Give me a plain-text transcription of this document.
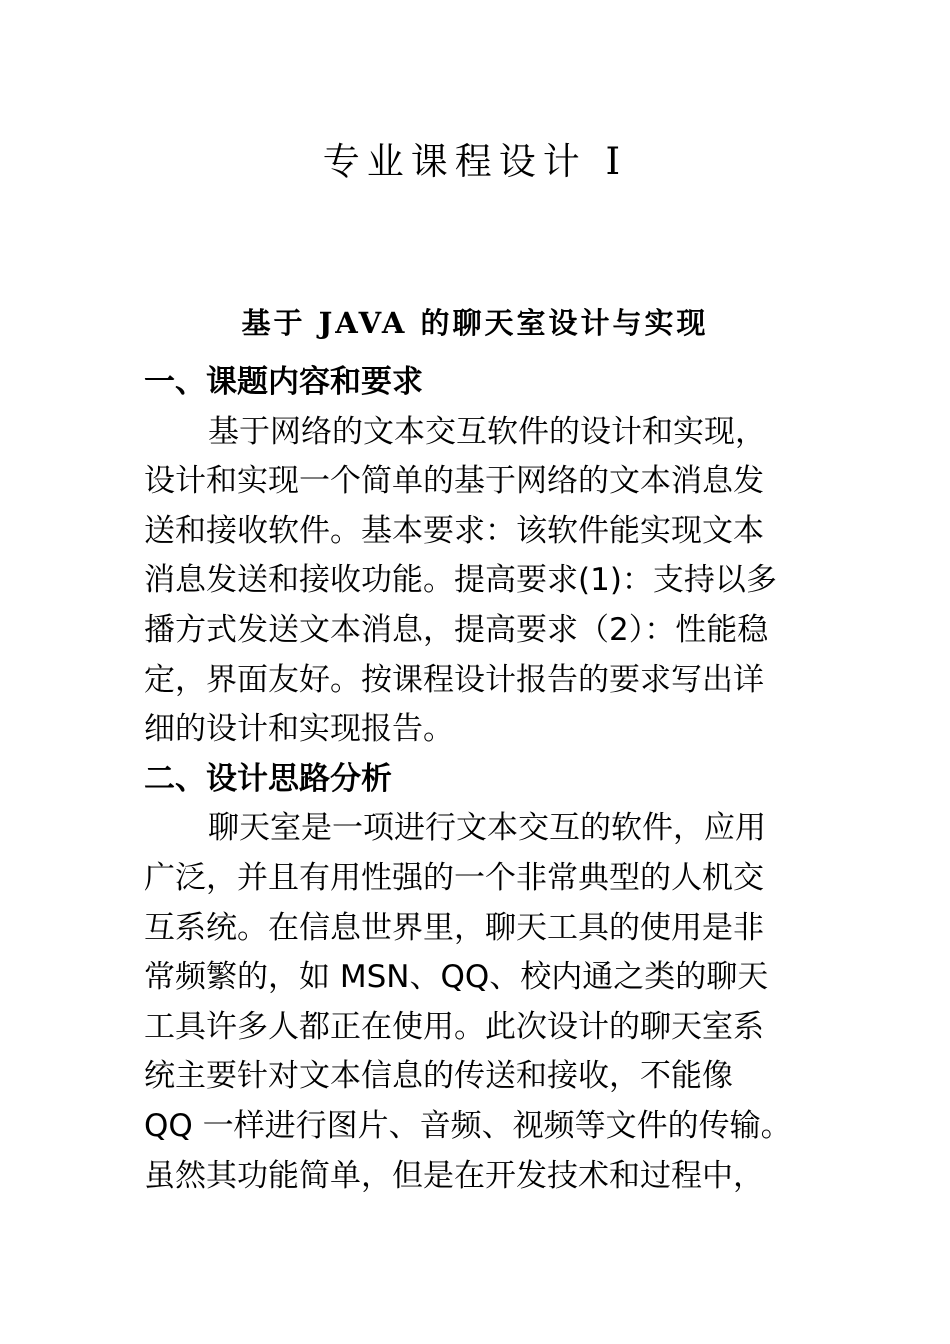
专业课程设计 I
基于 JAVA 的聊天室设计与实现
一、课题内容和要求
基于网络的文本交互软件的设计和实现，
设计和实现一个简单的基于网络的文本消息发
送和接收软件。基本要求：该软件能实现文本
消息发送和接收功能。提高要求(1)：支持以多
播方式发送文本消息，提高要求（2）：性能稳
定，界面友好。按课程设计报告的要求写出详
细的设计和实现报告。
二、设计思路分析
聊天室是一项进行文本交互的软件，应用
广泛，并且有用性强的一个非常典型的人机交
互系统。在信息世界里，聊天工具的使用是非
常频繁的，如 MSN、QQ、校内通之类的聊天
工具许多人都正在使用。此次设计的聊天室系
统主要针对文本信息的传送和接收，不能像
QQ 一样进行图片、音频、视频等文件的传输。
虽然其功能简单，但是在开发技术和过程中，
